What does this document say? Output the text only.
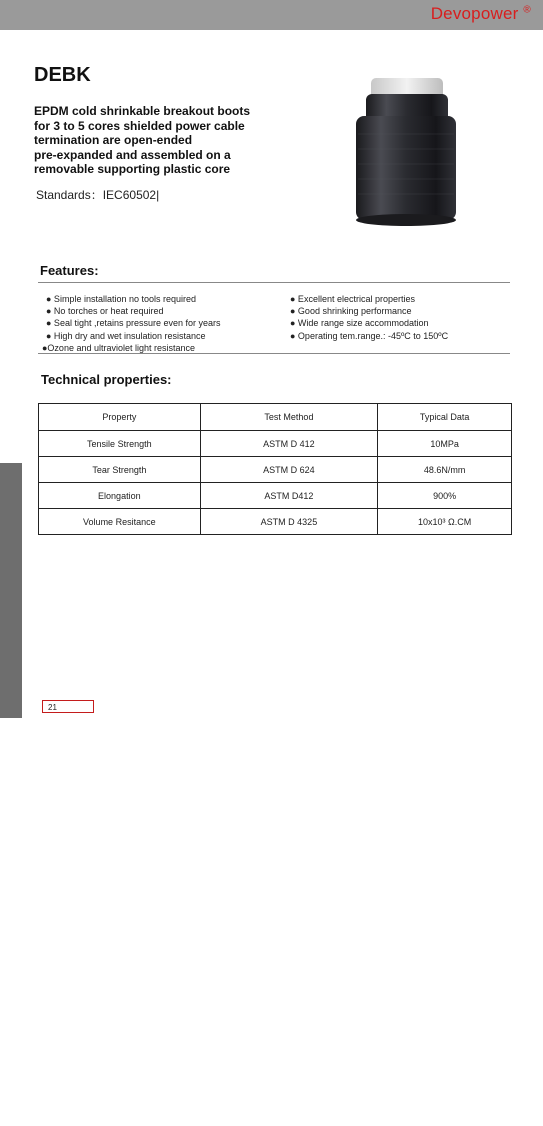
Devopower ®
DEBK
EPDM cold shrinkable breakout boots
for 3 to 5 cores shielded power cable
termination are open-ended
pre-expanded and assembled on a
removable supporting plastic core
Standards：IEC60502|
Features:
● Simple installation no tools required
● No torches or heat required
● Seal tight ,retains pressure even for years
● High dry and wet insulation resistance
●Ozone and ultraviolet light resistance
● Excellent electrical properties
● Good shrinking performance
● Wide range size accommodation
● Operating tem.range.: -45ºC to 150ºC
Technical properties:
Property	Test Method	Typical Data
Tensile Strength	ASTM D 412	10MPa
Tear Strength	ASTM D 624	48.6N/mm
Elongation	ASTM D412	900%
Volume Resitance	ASTM D 4325	10x10³ Ω.CM
Cold Shrink Pre-mold
21
